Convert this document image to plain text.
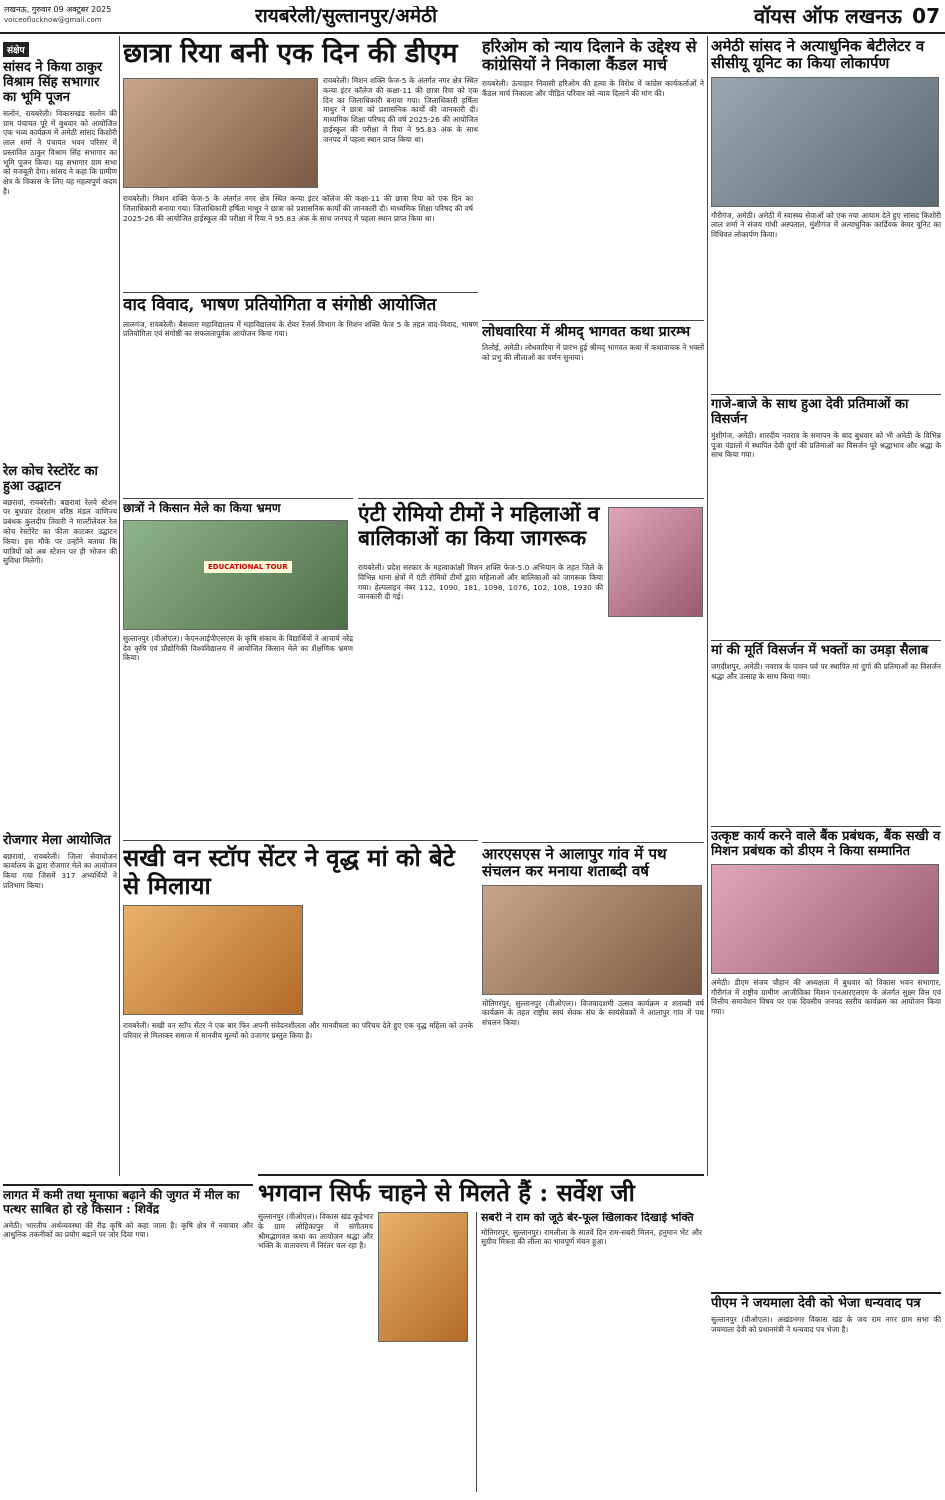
लखनऊ, गुरुवार 09 अक्टूबर 2025
voiceoflucknow@gmail.com	रायबरेली/सुल्तानपुर/अमेठी	वॉयस ऑफ लखनऊ 07
संक्षेप
सांसद ने किया ठाकुर विश्राम सिंह सभागार का भूमि पूजन
सलोन, रायबरेली। विकासखंड सलोन की ग्राम पंचायत पूरे में बुधवार को आयोजित एक भव्य कार्यक्रम में अमेठी सांसद किशोरी लाल शर्मा ने पंचायत भवन परिसर में प्रस्तावित ठाकुर विश्राम सिंह सभागार का भूमि पूजन किया। यह सभागार ग्राम सभा को मजबूती देगा। सांसद ने कहा कि ग्रामीण क्षेत्र के विकास के लिए यह महत्वपूर्ण कदम है।
रेल कोच रेस्टोरेंट का हुआ उद्घाटन
बछरावां, रायबरेली। बछरावां रेलवे स्टेशन पर बुधवार देरशाम वरिष्ठ मंडल वाणिज्य प्रबंधक कुलदीप तिवारी ने माल्टीलेवल रेल कोच रेस्टोरेंट का फीता काटकर उद्घाटन किया। इस मौके पर उन्होंने बताया कि यात्रियों को अब स्टेशन पर ही भोजन की सुविधा मिलेगी।
रोजगार मेला आयोजित
बछरावां, रायबरेली। जिला सेवायोजन कार्यालय के द्वारा रोजगार मेले का आयोजन किया गया जिसमें 317 अभ्यर्थियों ने प्रतिभाग किया।
छात्रा रिया बनी एक दिन की डीएम
रायबरेली। मिशन शक्ति फेज-5 के अंतर्गत नगर क्षेत्र स्थित कन्या इंटर कॉलेज की कक्षा-11 की छात्रा रिया को एक दिन का जिलाधिकारी बनाया गया। जिलाधिकारी हर्षिता माथुर ने छात्रा को प्रशासनिक कार्यों की जानकारी दी। माध्यमिक शिक्षा परिषद की वर्ष 2025-26 की आयोजित हाईस्कूल की परीक्षा में रिया ने 95.83 अंक के साथ जनपद में पहला स्थान प्राप्त किया था।
रायबरेली। मिशन शक्ति फेज-5 के अंतर्गत नगर क्षेत्र स्थित कन्या इंटर कॉलेज की कक्षा-11 की छात्रा रिया को एक दिन का जिलाधिकारी बनाया गया। जिलाधिकारी हर्षिता माथुर ने छात्रा को प्रशासनिक कार्यों की जानकारी दी। माध्यमिक शिक्षा परिषद की वर्ष 2025-26 की आयोजित हाईस्कूल की परीक्षा में रिया ने 95.83 अंक के साथ जनपद में पहला स्थान प्राप्त किया था।
हरिओम को न्याय दिलाने के उद्देश्य से कांग्रेसियों ने निकाला कैंडल मार्च
रायबरेली। ऊंचाहार निवासी हरिओम की हत्या के विरोध में कांग्रेस कार्यकर्ताओं ने कैंडल मार्च निकाला और पीड़ित परिवार को न्याय दिलाने की मांग की।
लोधवारिया में श्रीमद् भागवत कथा प्रारम्भ
तिलोई, अमेठी। लोधवारिया में प्रारंभ हुई श्रीमद् भागवत कथा में कथावाचक ने भक्तों को प्रभु की लीलाओं का वर्णन सुनाया।
वाद विवाद, भाषण प्रतियोगिता व संगोष्ठी आयोजित
लालगंज, रायबरेली। बैसवारा महाविद्यालय में महाविद्यालय के रोवर रेंजर्स विभाग के मिशन शक्ति फेज 5 के तहत वाद-विवाद, भाषण प्रतियोगिता एवं संगोष्ठी का सफलतापूर्वक आयोजन किया गया।
छात्रों ने किसान मेले का किया भ्रमण
EDUCATIONAL TOUR
सुल्तानपुर (वीओएल)। केएनआईपीएसएस के कृषि संकाय के विद्यार्थियों ने आचार्य नरेंद्र देव कृषि एवं प्रौद्योगिकी विश्वविद्यालय में आयोजित किसान मेले का शैक्षणिक भ्रमण किया।
एंटी रोमियो टीमों ने महिलाओं व बालिकाओं का किया जागरूक
रायबरेली। प्रदेश सरकार के महत्वाकांक्षी मिशन शक्ति फेज-5.0 अभियान के तहत जिले के विभिन्न थाना क्षेत्रों में एंटी रोमियो टीमों द्वारा महिलाओं और बालिकाओं को जागरूक किया गया। हेल्पलाइन नंबर 112, 1090, 181, 1098, 1076, 102, 108, 1930 की जानकारी दी गई।
सखी वन स्टॉप सेंटर ने वृद्ध मां को बेटे से मिलाया
रायबरेली। सखी वन स्टॉप सेंटर ने एक बार फिर अपनी संवेदनशीलता और मानवीयता का परिचय देते हुए एक वृद्ध महिला को उनके परिवार से मिलाकर समाज में मानवीय मूल्यों को उजागर प्रस्तुत किया है।
आरएसएस ने आलापुर गांव में पथ संचलन कर मनाया शताब्दी वर्ष
मोतिगरपुर, सुल्तानपुर (वीओएल)। विजयादशमी उत्सव कार्यक्रम व शताब्दी वर्ष कार्यक्रम के तहत राष्ट्रीय स्वयं सेवक संघ के स्वयंसेवकों ने आलापुर गांव में पथ संचलन किया।
अमेठी सांसद ने अत्याधुनिक बेटीलेटर व सीसीयू यूनिट का किया लोकार्पण
गौरीगंज, अमेठी। अमेठी में स्वास्थ्य सेवाओं को एक नया आयाम देते हुए सांसद किशोरी लाल शर्मा ने संजय गांधी अस्पताल, मुंशीगंज में अत्याधुनिक कार्डियक केयर यूनिट का विधिवत लोकार्पण किया।
गाजे-बाजे के साथ हुआ देवी प्रतिमाओं का विसर्जन
मुंशीगंज, अमेठी। शारदीय नवरात्र के समापन के बाद बुधवार को भी अमेठी के विभिन्न पूजा पंडालों में स्थापित देवी दुर्गा की प्रतिमाओं का विसर्जन पूरे श्रद्धाभाव और श्रद्धा के साथ किया गया।
मां की मूर्ति विसर्जन में भक्तों का उमड़ा सैलाब
जगदीशपुर, अमेठी। नवरात्र के पावन पर्व पर स्थापित मां दुर्गा की प्रतिमाओं का विसर्जन श्रद्धा और उत्साह के साथ किया गया।
उत्कृष्ट कार्य करने वाले बैंक प्रबंधक, बैंक सखी व मिशन प्रबंधक को डीएम ने किया सम्मानित
अमेठी। डीएम संजय चौहान की अध्यक्षता में बुधवार को विकास भवन सभागार, गौरीगंज में राष्ट्रीय ग्रामीण आजीविका मिशन एनआरएलएम के अंतर्गत सुक्ष्म वित्त एवं वित्तीय समावेशन विषय पर एक दिवसीय जनपद स्तरीय कार्यक्रम का आयोजन किया गया।
लागत में कमी तथा मुनाफा बढ़ाने की जुगत में मील का पत्थर साबित हो रहे किसान : शिवेंद्र
अमेठी। भारतीय अर्थव्यवस्था की रीढ़ कृषि को कहा जाता है। कृषि क्षेत्र में नवाचार और आधुनिक तकनीकों का प्रयोग बढ़ाने पर जोर दिया गया।
भगवान सिर्फ चाहने से मिलते हैं : सर्वेश जी
सुल्तानपुर (वीओएल)। विकास खंड कूड़ेभार के ग्राम लोहिकापुर में संगीतमय श्रीमद्भागवत कथा का आयोजन श्रद्धा और भक्ति के वातावरण में निरंतर चल रहा है।
सबरी ने राम को जूठे बेर-फूल खिलाकर दिखाई भक्ति
मोतिगरपुर, सुल्तानपुर। रामलीला के सातवें दिन राम-सबरी मिलन, हनुमान भेंट और सुग्रीव मित्रता की लीला का भावपूर्ण मंचन हुआ।
पीएम ने जयमाला देवी को भेजा धन्यवाद पत्र
सुल्तानपुर (वीओएल)। अखंडनगर विकास खंड के जय राम नगर ग्राम सभा की जयमाला देवी को प्रधानमंत्री ने धन्यवाद पत्र भेजा है।
